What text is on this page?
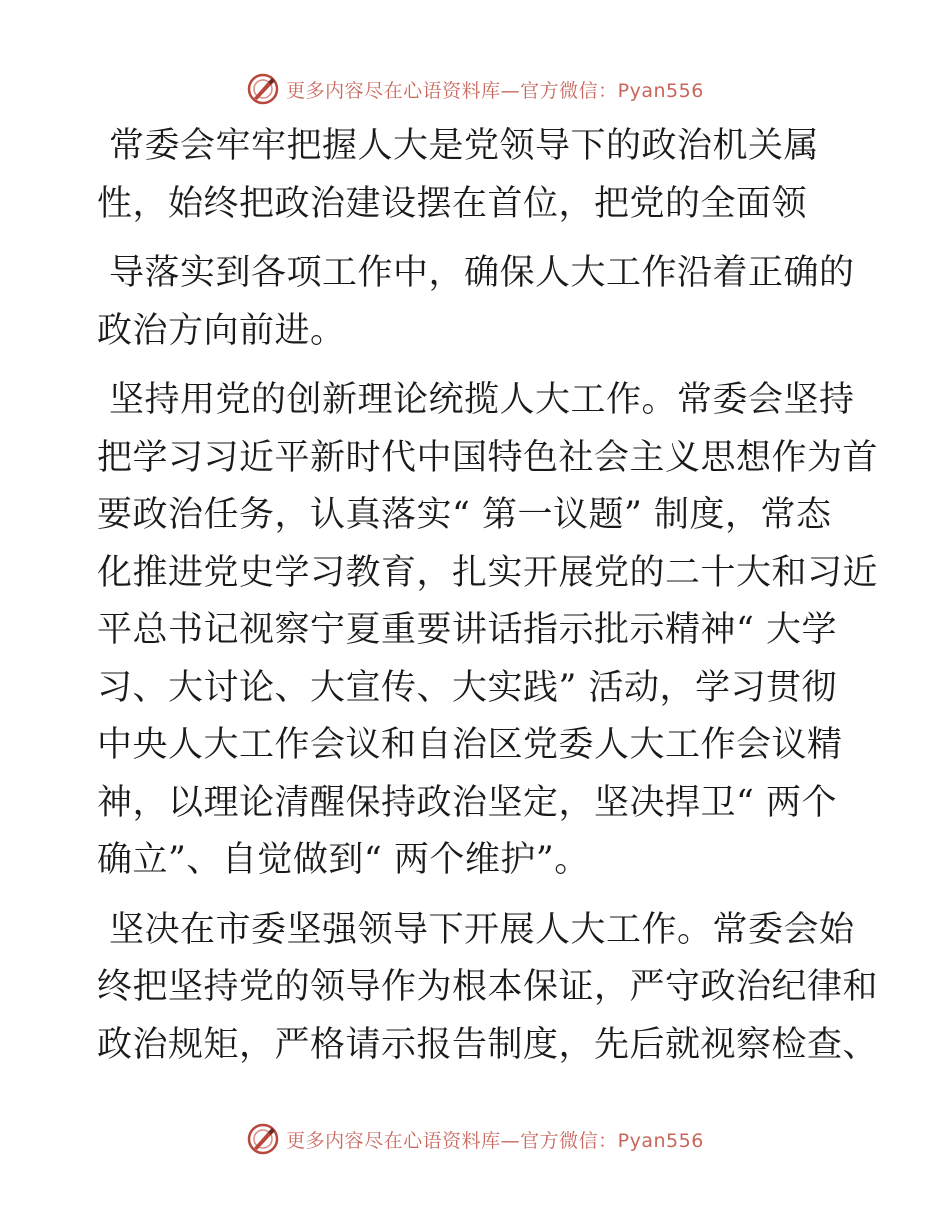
更多内容尽在心语资料库—官方微信：Pyan556

常委会牢牢把握人大是党领导下的政治机关属
性，始终把政治建设摆在首位，把党的全面领

导落实到各项工作中，确保人大工作沿着正确的
政治方向前进。

坚持用党的创新理论统揽人大工作。常委会坚持
把学习习近平新时代中国特色社会主义思想作为首
要政治任务，认真落实“ 第一议题” 制度，常态
化推进党史学习教育，扎实开展党的二十大和习近
平总书记视察宁夏重要讲话指示批示精神“ 大学
习、大讨论、大宣传、大实践” 活动，学习贯彻
中央人大工作会议和自治区党委人大工作会议精
神，以理论清醒保持政治坚定，坚决捍卫“ 两个
确立”、自觉做到“ 两个维护”。

坚决在市委坚强领导下开展人大工作。常委会始
终把坚持党的领导作为根本保证，严守政治纪律和
政治规矩，严格请示报告制度，先后就视察检查、

更多内容尽在心语资料库—官方微信：Pyan556
